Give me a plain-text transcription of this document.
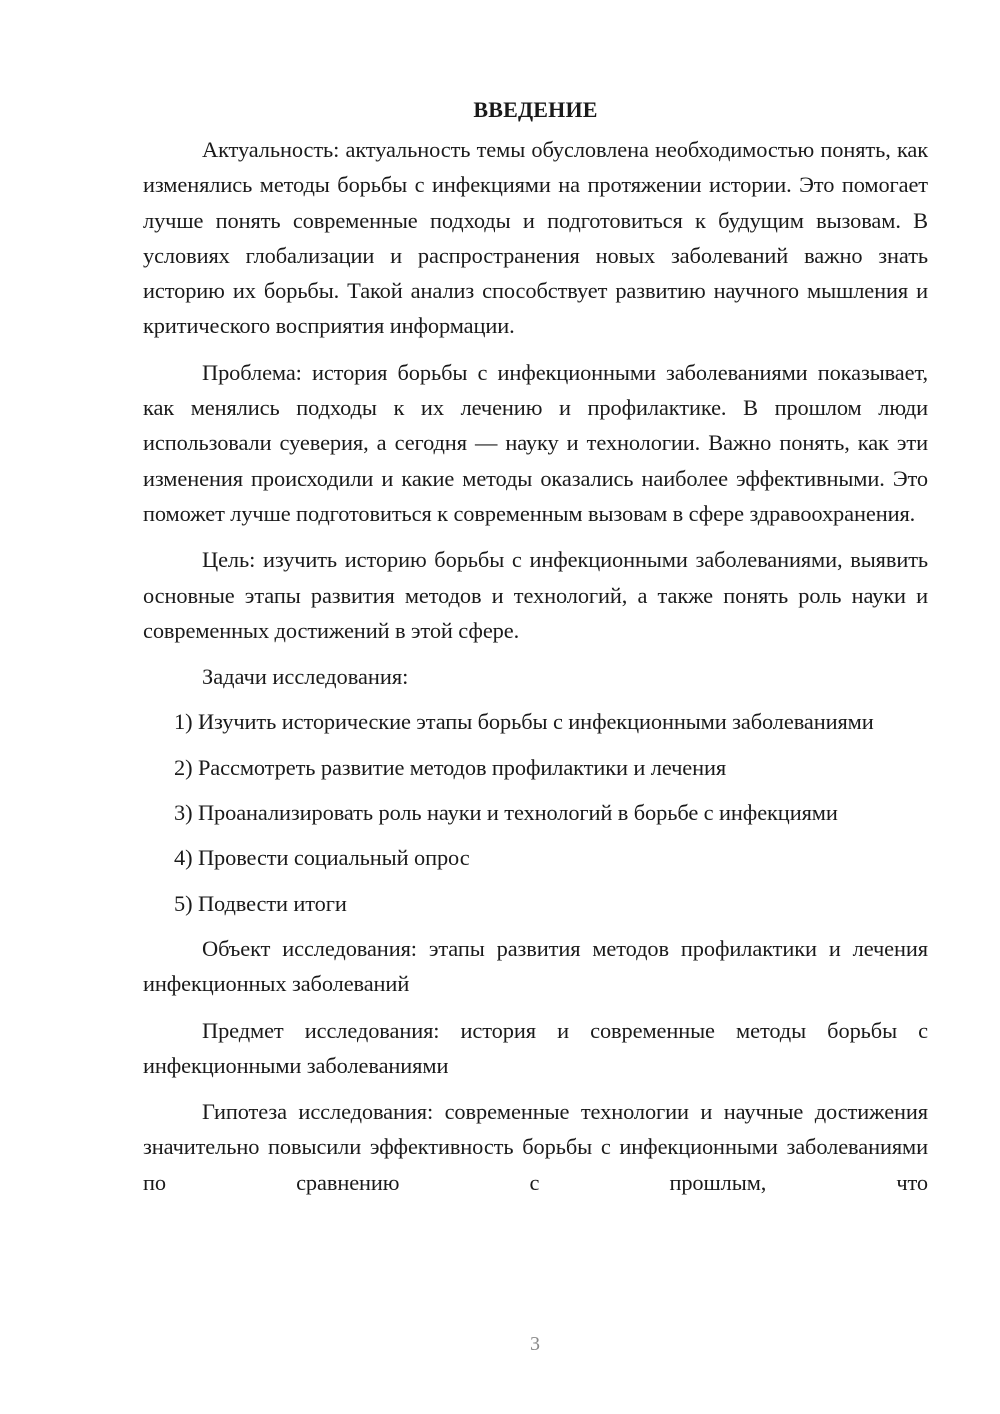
ВВЕДЕНИЕ

Актуальность: актуальность темы обусловлена необходимостью понять, как изменялись методы борьбы с инфекциями на протяжении истории. Это помогает лучше понять современные подходы и подготовиться к будущим вызовам. В условиях глобализации и распространения новых заболеваний важно знать историю их борьбы. Такой анализ способствует развитию научного мышления и критического восприятия информации.

Проблема: история борьбы с инфекционными заболеваниями показывает, как менялись подходы к их лечению и профилактике. В прошлом люди использовали суеверия, а сегодня — науку и технологии. Важно понять, как эти изменения происходили и какие методы оказались наиболее эффективными. Это поможет лучше подготовиться к современным вызовам в сфере здравоохранения.

Цель: изучить историю борьбы с инфекционными заболеваниями, выявить основные этапы развития методов и технологий, а также понять роль науки и современных достижений в этой сфере.

Задачи исследования:

1) Изучить исторические этапы борьбы с инфекционными заболеваниями

2) Рассмотреть развитие методов профилактики и лечения

3) Проанализировать роль науки и технологий в борьбе с инфекциями

4) Провести социальный опрос

5) Подвести итоги

Объект исследования: этапы развития методов профилактики и лечения инфекционных заболеваний

Предмет исследования: история и современные методы борьбы с инфекционными заболеваниями

Гипотеза исследования: современные технологии и научные достижения значительно повысили эффективность борьбы с инфекционными заболеваниями по сравнению с прошлым, что

3
